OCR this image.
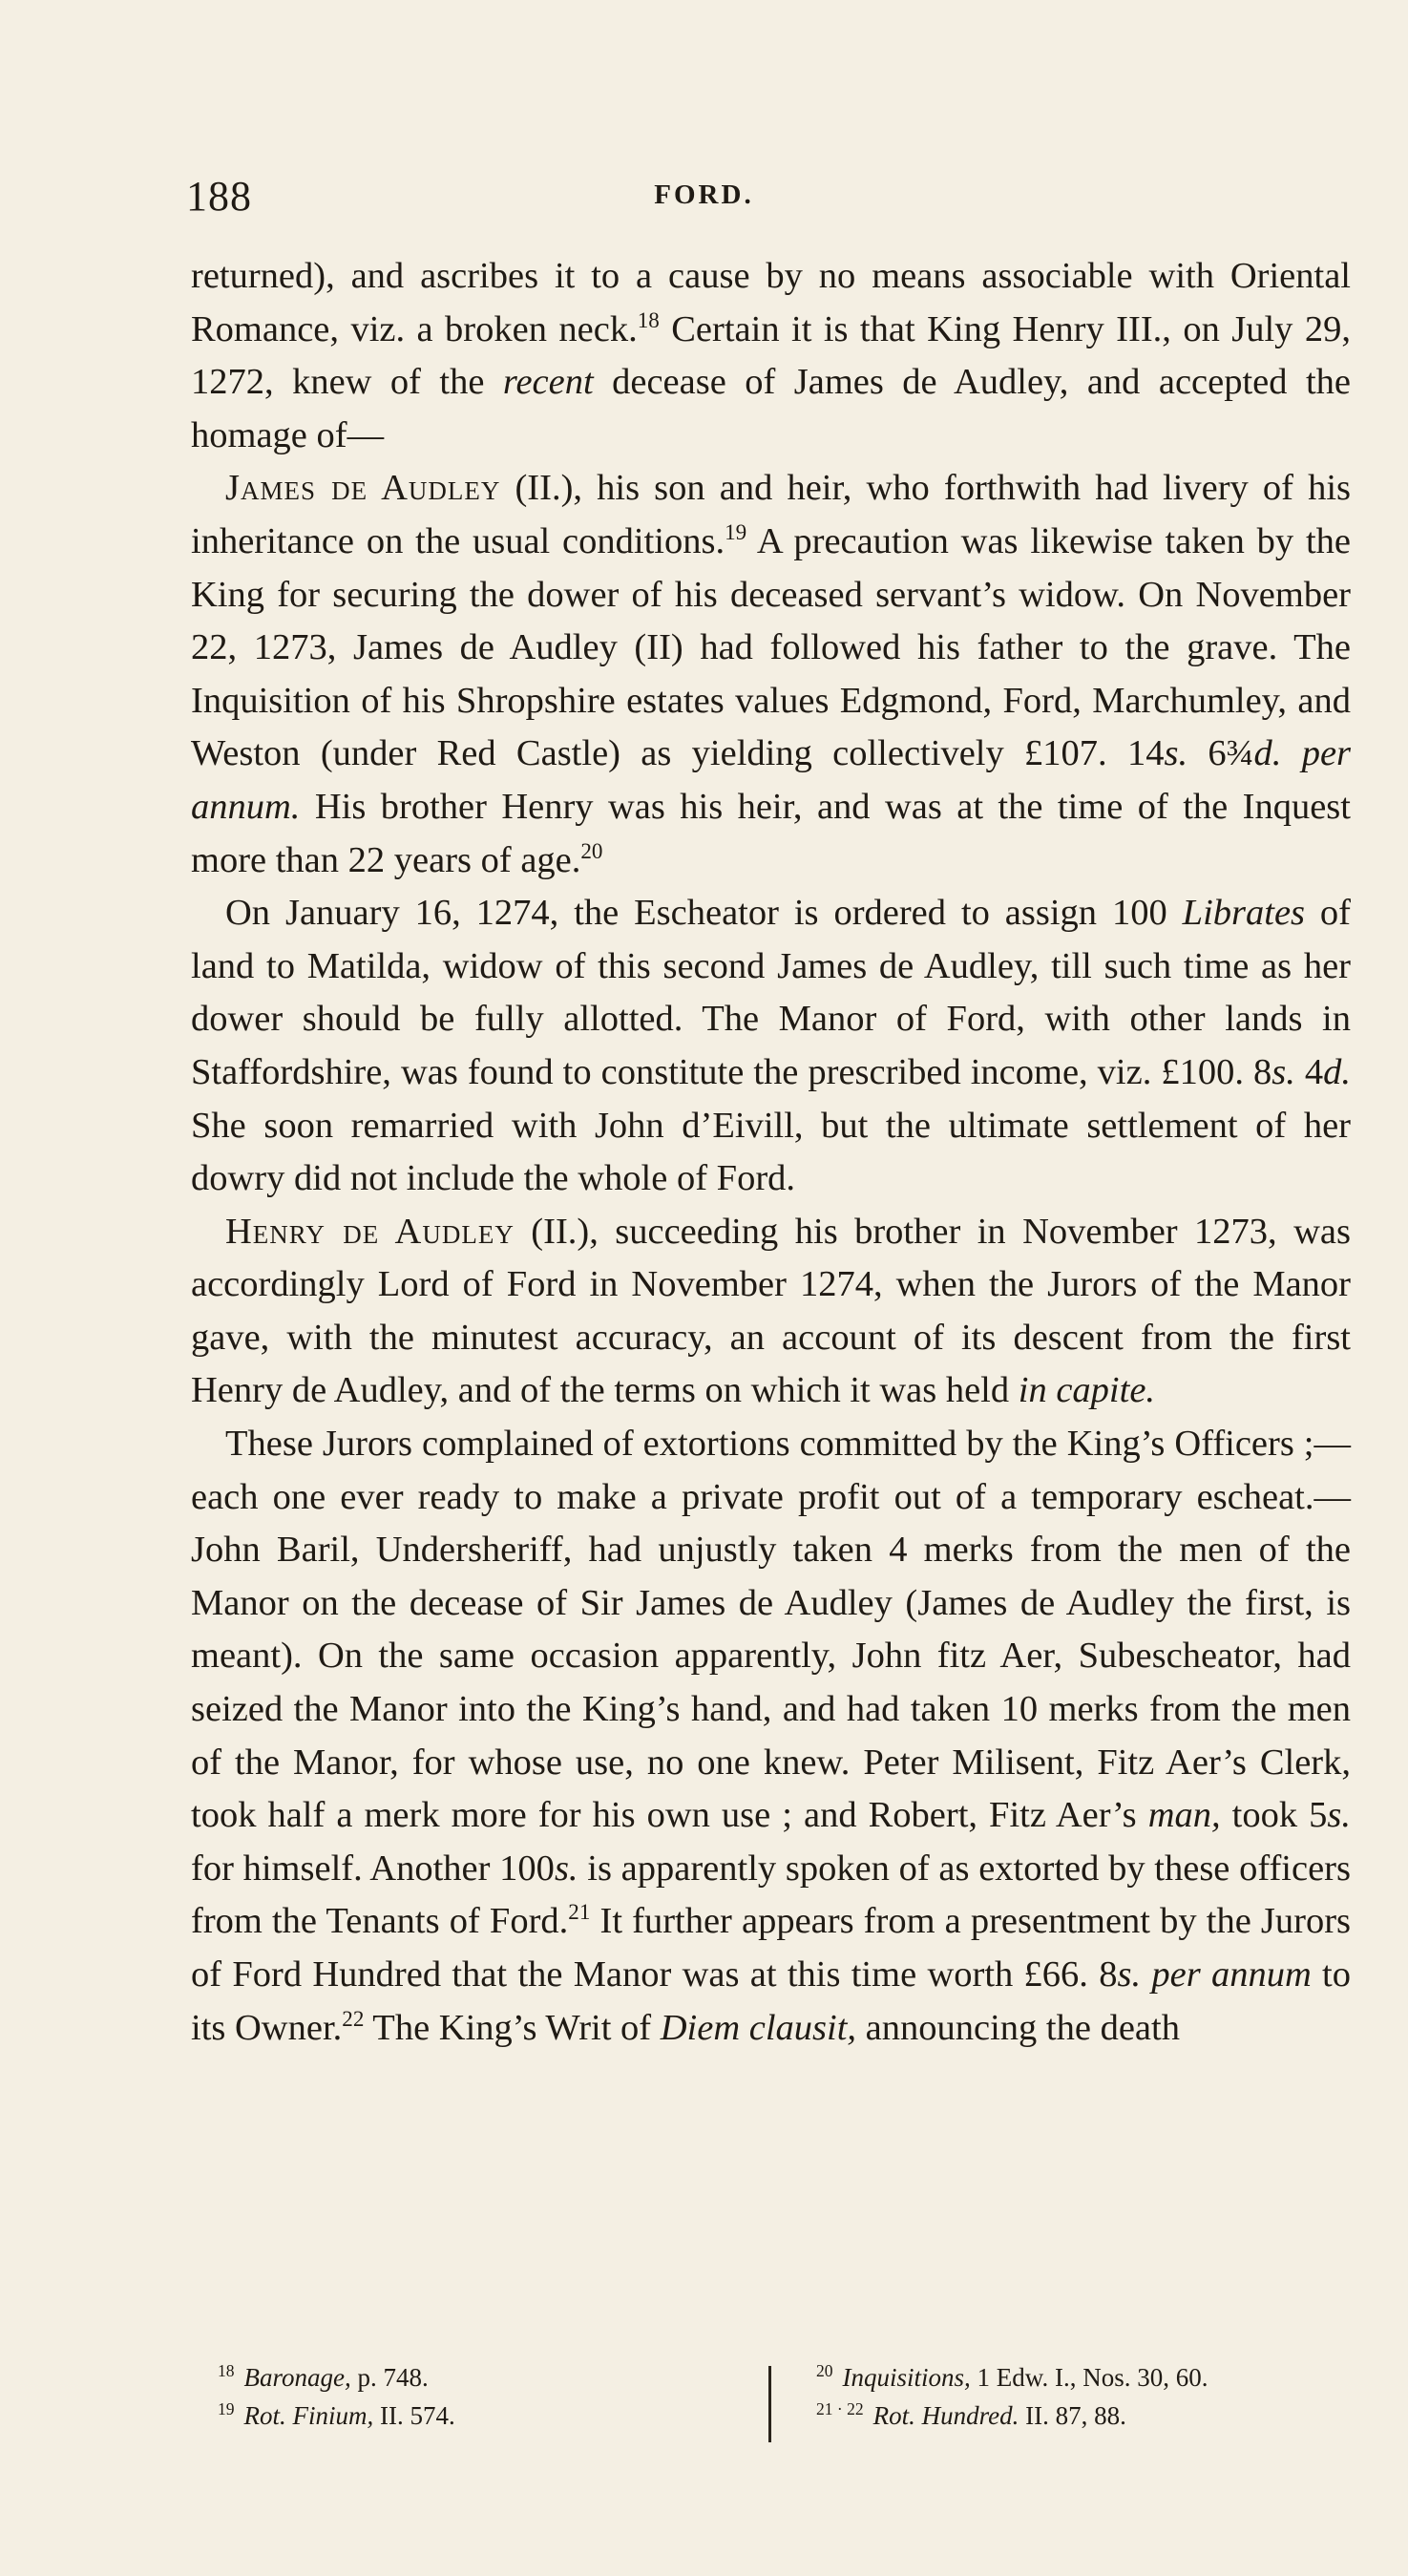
188	FORD.

returned), and ascribes it to a cause by no means associable with Oriental Romance, viz. a broken neck.$^{18}$ Certain it is that King Henry III., on July 29, 1272, knew of the recent decease of James de Audley, and accepted the homage of—

James de Audley (II.), his son and heir, who forthwith had livery of his inheritance on the usual conditions.$^{19}$ A precaution was likewise taken by the King for securing the dower of his deceased servant’s widow. On November 22, 1273, James de Audley (II) had followed his father to the grave. The Inquisition of his Shropshire estates values Edgmond, Ford, Marchumley, and Weston (under Red Castle) as yielding collectively £107. 14s. 6¾d. per annum. His brother Henry was his heir, and was at the time of the Inquest more than 22 years of age.$^{20}$

On January 16, 1274, the Escheator is ordered to assign 100 Librates of land to Matilda, widow of this second James de Audley, till such time as her dower should be fully allotted. The Manor of Ford, with other lands in Staffordshire, was found to constitute the prescribed income, viz. £100. 8s. 4d. She soon remarried with John d’Eivill, but the ultimate settlement of her dowry did not include the whole of Ford.

Henry de Audley (II.), succeeding his brother in November 1273, was accordingly Lord of Ford in November 1274, when the Jurors of the Manor gave, with the minutest accuracy, an account of its descent from the first Henry de Audley, and of the terms on which it was held in capite.

These Jurors complained of extortions committed by the King’s Officers ;—each one ever ready to make a private profit out of a temporary escheat.—John Baril, Undersheriff, had unjustly taken 4 merks from the men of the Manor on the decease of Sir James de Audley (James de Audley the first, is meant). On the same occasion apparently, John fitz Aer, Subescheator, had seized the Manor into the King’s hand, and had taken 10 merks from the men of the Manor, for whose use, no one knew. Peter Milisent, Fitz Aer’s Clerk, took half a merk more for his own use ; and Robert, Fitz Aer’s man, took 5s. for himself. Another 100s. is apparently spoken of as extorted by these officers from the Tenants of Ford.$^{21}$ It further appears from a presentment by the Jurors of Ford Hundred that the Manor was at this time worth £66. 8s. per annum to its Owner.$^{22}$ The King’s Writ of Diem clausit, announcing the death

$^{18}$ Baronage, p. 748.
$^{19}$ Rot. Finium, II. 574.
$^{20}$ Inquisitions, 1 Edw. I., Nos. 30, 60.
$^{21 \cdot 22}$ Rot. Hundred. II. 87, 88.
